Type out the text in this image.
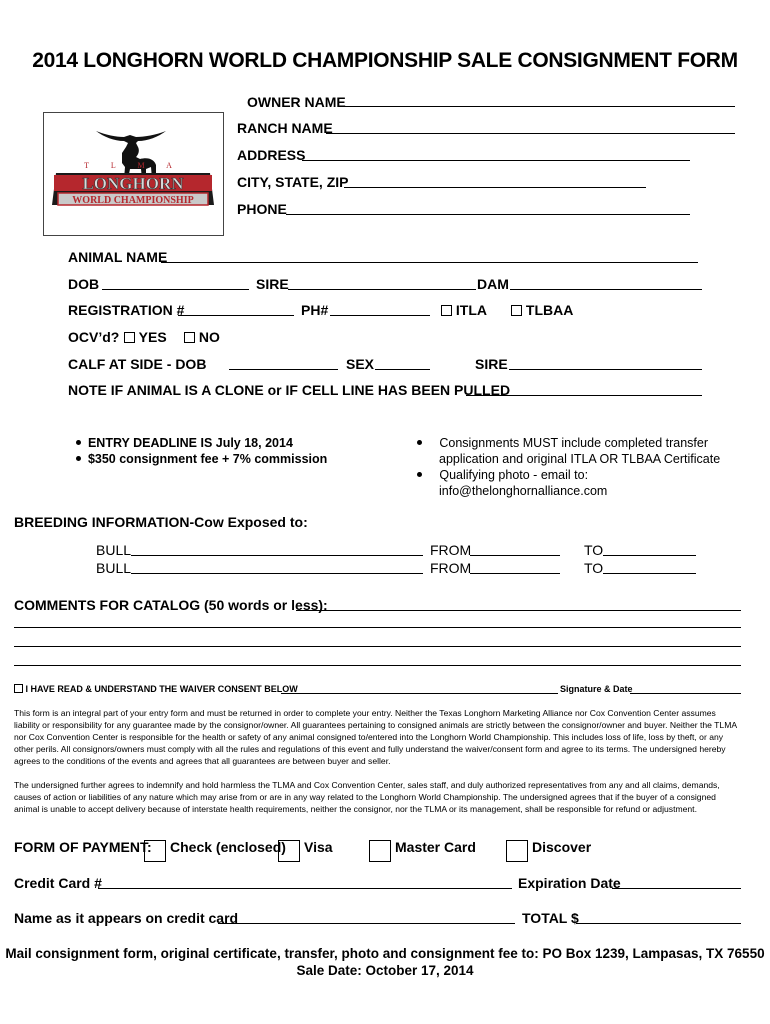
2014 LONGHORN WORLD CHAMPIONSHIP SALE CONSIGNMENT FORM
T L M A
LONGHORN
WORLD CHAMPIONSHIP
OWNER NAME
RANCH NAME
ADDRESS
CITY, STATE, ZIP
PHONE
ANIMAL NAME
DOB	SIRE	DAM
REGISTRATION #	PH#	ITLA	TLBAA
OCV’d?	YES	NO
CALF AT SIDE - DOB	SEX	SIRE
NOTE IF ANIMAL IS A CLONE or IF CELL LINE HAS BEEN PULLED
ENTRY DEADLINE IS July 18, 2014
$350 consignment fee + 7% commission
Consignments MUST include completed transfer
application and original ITLA OR TLBAA Certificate
Qualifying photo - email to:
info@thelonghornalliance.com
BREEDING INFORMATION-Cow Exposed to:
BULL	FROM	TO
BULL	FROM	TO
COMMENTS FOR CATALOG (50 words or less):
I HAVE READ & UNDERSTAND THE WAIVER CONSENT BELOW	Signature & Date
This form is an integral part of your entry form and must be returned in order to complete your entry. Neither the Texas Longhorn Marketing Alliance nor Cox Convention Center assumes liability or responsibility for any guarantee made by the consignor/owner. All guarantees pertaining to consigned animals are strictly between the consignor/owner and buyer. Neither the TLMA nor Cox Convention Center is responsible for the health or safety of any animal consigned to/entered into the Longhorn World Championship. This includes loss of life, loss by theft, or any other perils. All consignors/owners must comply with all the rules and regulations of this event and fully understand the waiver/consent form and agree to its terms. The undersigned hereby agrees to the conditions of the events and agrees that all guarantees are between buyer and seller.
The undersigned further agrees to indemnify and hold harmless the TLMA and Cox Convention Center, sales staff, and duly authorized representatives from any and all claims, demands, causes of action or liabilities of any nature which may arise from or are in any way related to the Longhorn World Championship. The undersigned agrees that if the buyer of a consigned animal is unable to accept delivery because of interstate health requirements, neither the consignor, nor the TLMA or its management, shall be responsible for refund or adjustment.
FORM OF PAYMENT: Check (enclosed) Visa	Master Card	Discover
Credit Card #	Expiration Date
Name as it appears on credit card	TOTAL $
Mail consignment form, original certificate, transfer, photo and consignment fee to: PO Box 1239, Lampasas, TX 76550
Sale Date: October 17, 2014
